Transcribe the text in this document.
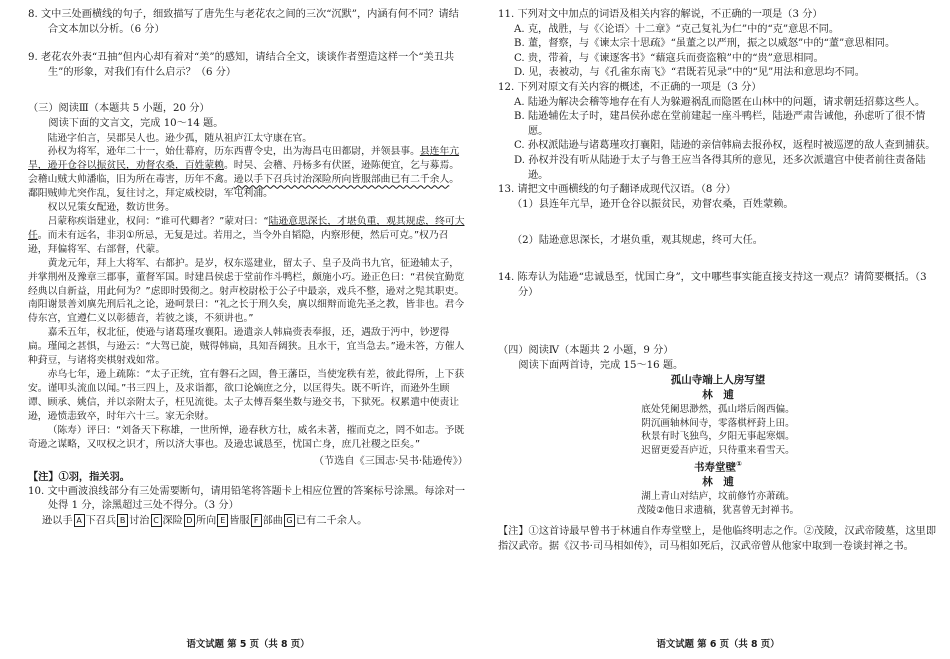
8. 文中三处画横线的句子，细致描写了唐先生与老花农之间的三次“沉默”，内涵有何不同？请结合文本加以分析。（6 分）

9. 老花农外表“丑抽”但内心却有着对“美”的感知，请结合全文，谈谈作者塑造这样一个“美丑共生”的形象，对我们有什么启示？（6 分）

（三）阅读Ⅲ（本题共 5 小题，20 分）

阅读下面的文言文，完成 10～14 题。

陆逊字伯言，吴郡吴人也。逊少孤，随从祖庐江太守康在官。

孙权为将军，逊年二十一，始仕幕府，历东西曹令史，出为海昌屯田都尉，并领县事。县连年亢旱，逊开仓谷以振贫民，劝督农桑，百姓蒙赖。时吴、会稽、丹杨多有伏匿，逊陈便宜，乞与募焉。会稽山贼大帅潘临，旧为所在毒害，历年不禽。逊以手下召兵讨治深险所向皆服部曲已有二千余人。鄱阳贼帅尤突作乱，复往讨之，拜定威校尉，军屯利浦。

权以兄策女配逊，数访世务。

吕蒙称疾诣建业，权问：“谁可代卿者？”蒙对曰：“陆逊意思深长，才堪负重，观其规虑，终可大任。而未有远名，非羽①所忌，无复是过。若用之，当令外自韬隐，内察形便，然后可克。”权乃召逊，拜偏将军、右部督，代蒙。

黄龙元年，拜上大将军、右都护。是岁，权东巡建业，留太子、皇子及尚书九官，征逊辅太子，并掌荆州及豫章三郡事，董督军国。时建昌侯虑于堂前作斗鸭栏，颇施小巧。逊正色曰：“君侯宜勤览经典以自新益，用此何为？”虑即时毁彻之。射声校尉松于公子中最亲，戏兵不整，逊对之髡其职吏。南阳谢景善刘廙先刑后礼之论，逊呵景曰：“礼之长于刑久矣，廙以细辩而诡先圣之教，皆非也。君今侍东宫，宜遵仁义以彰德音，若彼之谈，不须讲也。”

嘉禾五年，权北征，使逊与诸葛瑾攻襄阳。逊遣亲人韩扁赍表奉报，还，遇敌于沔中，钞逻得扁。瑾闻之甚惧，与逊云：“大驾已旋，贼得韩扁，具知吾阔狭。且水干，宜当急去。”逊未答，方催人种葑豆，与诸将奕棋射戏如常。

赤乌七年，逊上疏陈：“太子正统，宜有磐石之固，鲁王藩臣，当使宠秩有差，彼此得所，上下获安。谨叩头流血以闻。”书三四上，及求诣都，欲口论嫡庶之分，以匡得失。既不听许，而逊外生顾谭、顾承、姚信，并以亲附太子，枉见流徙。太子太傅吾粲坐数与逊交书，下狱死。权累遣中使责让逊，逊愤恚致卒，时年六十三。家无余财。

（陈寿）评曰：“刘备天下称雄，一世所惮，逊春秋方壮，威名未著，摧而克之，罔不如志。予既奇逊之谋略，又叹权之识才，所以济大事也。及逊忠诚恳至，忧国亡身，庶几社稷之臣矣。”

（节选自《三国志·吴书·陆逊传》）

【注】①羽，指关羽。

10. 文中画波浪线部分有三处需要断句，请用铅笔将答题卡上相应位置的答案标号涂黑。每涂对一处得 1 分，涂黑超过三处不得分。（3 分）

逊以手 A 下召兵 B 讨治 C 深险 D 所向 E 皆服 F 部曲 G 已有二千余人。

语文试题 第 5 页（共 8 页）

11. 下列对文中加点的词语及相关内容的解说，不正确的一项是（3 分）

A. 克，战胜，与《〈论语〉十二章》“克己复礼为仁”中的“克”意思不同。

B. 董，督察，与《谏太宗十思疏》“虽董之以严刑，振之以威怒”中的“董”意思相同。

C. 贵，带着，与《谏逐客书》“藉寇兵而赍盗粮”中的“贵”意思相同。

D. 见，表被动，与《孔雀东南飞》“君既若见录”中的“见”用法和意思均不同。

12. 下列对原文有关内容的概述，不正确的一项是（3 分）

A. 陆逊为解决会稽等地存在有人为躲避祸乱而隐匿在山林中的问题，请求朝廷招募这些人。

B. 陆逊辅佐太子时，建昌侯孙虑在堂前建起一座斗鸭栏，陆逊严肃告诫他，孙虑听了很不情愿。

C. 孙权派陆逊与诸葛瑾攻打襄阳，陆逊的亲信韩扁去报孙权，返程时被巡逻的敌人查到捕获。

D. 孙权并没有听从陆逊于太子与鲁王应当各得其所的意见，还多次派遣宫中使者前往责备陆逊。

13. 请把文中画横线的句子翻译成现代汉语。（8 分）

（1）县连年亢旱，逊开仓谷以振贫民，劝督农桑，百姓蒙赖。

（2）陆逊意思深长，才堪负重，观其规虑，终可大任。

14. 陈寿认为陆逊“忠诚恳至，忧国亡身”，文中哪些事实能直接支持这一观点？请简要概括。（3 分）

（四）阅读Ⅳ（本题共 2 小题，9 分）

阅读下面两首诗，完成 15～16 题。

孤山寺端上人房写望

林　逋

底处凭阑思渺然，孤山塔后阁西偏。

阴沉画轴林间寺，零落棋枰葑上田。

秋景有时飞独鸟，夕阳无事起寒烟。

迟留更爱吾庐近，只待重来看雪天。

书寿堂壁①

林　逋

湖上青山对结庐，坟前修竹亦萧疏。

茂陵②他日求遗稿，犹喜曾无封禅书。

【注】①这首诗最早曾书于林逋自作寿堂壁上，是他临终明志之作。②茂陵，汉武帝陵墓，这里即指汉武帝。据《汉书·司马相如传》，司马相如死后，汉武帝曾从他家中取到一卷谈封禅之书。

语文试题 第 6 页（共 8 页）
